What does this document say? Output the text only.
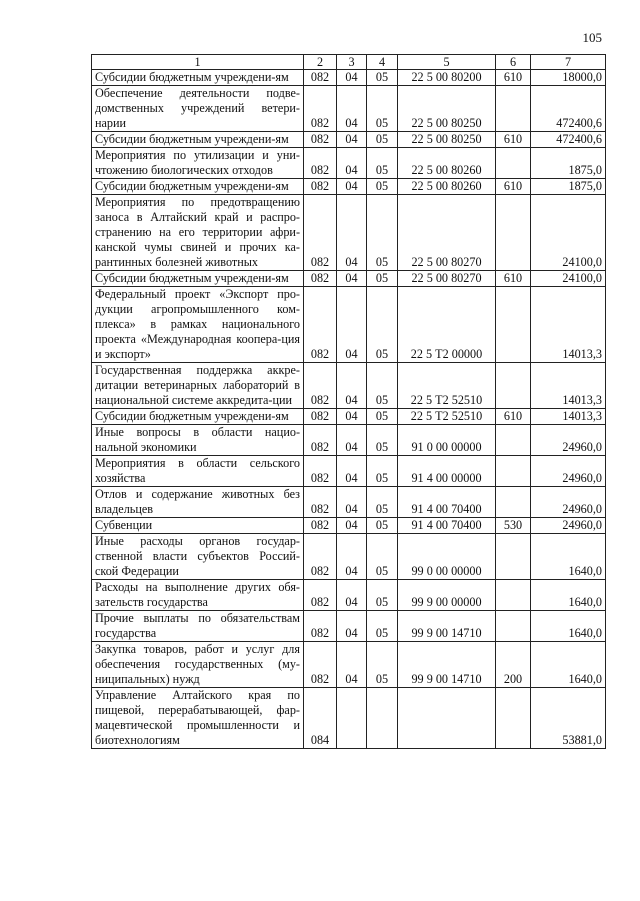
105
1	2	3	4	5	6	7
Субсидии бюджетным учреждени-ям	082	04	05	22 5 00 80200	610	18000,0
Обеспечение деятельности подве-домственных учреждений ветери-нарии	082	04	05	22 5 00 80250		472400,6
Субсидии бюджетным учреждени-ям	082	04	05	22 5 00 80250	610	472400,6
Мероприятия по утилизации и уни-чтожению биологических отходов	082	04	05	22 5 00 80260		1875,0
Субсидии бюджетным учреждени-ям	082	04	05	22 5 00 80260	610	1875,0
Мероприятия по предотвращению заноса в Алтайский край и распро-странению на его территории афри-канской чумы свиней и прочих ка-рантинных болезней животных	082	04	05	22 5 00 80270		24100,0
Субсидии бюджетным учреждени-ям	082	04	05	22 5 00 80270	610	24100,0
Федеральный проект «Экспорт про-дукции агропромышленного ком-плекса» в рамках национального проекта «Международная коопера-ция и экспорт»	082	04	05	22 5 Т2 00000		14013,3
Государственная поддержка аккре-дитации ветеринарных лабораторий в национальной системе аккредита-ции	082	04	05	22 5 Т2 52510		14013,3
Субсидии бюджетным учреждени-ям	082	04	05	22 5 Т2 52510	610	14013,3
Иные вопросы в области нацио-нальной экономики	082	04	05	91 0 00 00000		24960,0
Мероприятия в области сельского хозяйства	082	04	05	91 4 00 00000		24960,0
Отлов и содержание животных без владельцев	082	04	05	91 4 00 70400		24960,0
Субвенции	082	04	05	91 4 00 70400	530	24960,0
Иные расходы органов государ-ственной власти субъектов Россий-ской Федерации	082	04	05	99 0 00 00000		1640,0
Расходы на выполнение других обя-зательств государства	082	04	05	99 9 00 00000		1640,0
Прочие выплаты по обязательствам государства	082	04	05	99 9 00 14710		1640,0
Закупка товаров, работ и услуг для обеспечения государственных (му-ниципальных) нужд	082	04	05	99 9 00 14710	200	1640,0
Управление Алтайского края по пищевой, перерабатывающей, фар-мацевтической промышленности и биотехнологиям	084					53881,0
